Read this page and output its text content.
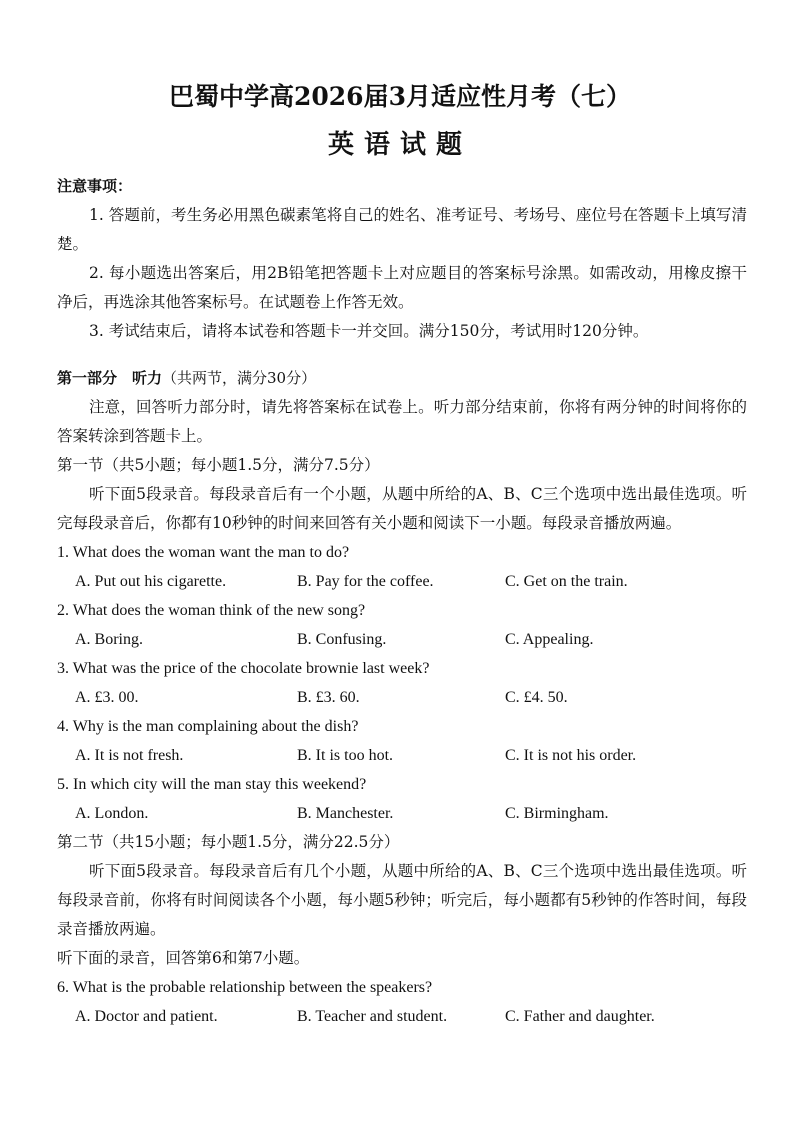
巴蜀中学高2026届3月适应性月考（七）
英语试题
注意事项：
1. 答题前，考生务必用黑色碳素笔将自己的姓名、准考证号、考场号、座位号在答题卡上填写清楚。
2. 每小题选出答案后，用2B铅笔把答题卡上对应题目的答案标号涂黑。如需改动，用橡皮擦干净后，再选涂其他答案标号。在试题卷上作答无效。
3. 考试结束后，请将本试卷和答题卡一并交回。满分150分，考试用时120分钟。
第一部分　听力（共两节，满分30分）
注意，回答听力部分时，请先将答案标在试卷上。听力部分结束前，你将有两分钟的时间将你的答案转涂到答题卡上。
第一节（共5小题；每小题1.5分，满分7.5分）
听下面5段录音。每段录音后有一个小题，从题中所给的A、B、C三个选项中选出最佳选项。听完每段录音后，你都有10秒钟的时间来回答有关小题和阅读下一小题。每段录音播放两遍。
1. What does the woman want the man to do?
A. Put out his cigarette.	B. Pay for the coffee.	C. Get on the train.
2. What does the woman think of the new song?
A. Boring.	B. Confusing.	C. Appealing.
3. What was the price of the chocolate brownie last week?
A. £3. 00.	B. £3. 60.	C. £4. 50.
4. Why is the man complaining about the dish?
A. It is not fresh.	B. It is too hot.	C. It is not his order.
5. In which city will the man stay this weekend?
A. London.	B. Manchester.	C. Birmingham.
第二节（共15小题；每小题1.5分，满分22.5分）
听下面5段录音。每段录音后有几个小题，从题中所给的A、B、C三个选项中选出最佳选项。听每段录音前，你将有时间阅读各个小题，每小题5秒钟；听完后，每小题都有5秒钟的作答时间，每段录音播放两遍。
听下面的录音，回答第6和第7小题。
6. What is the probable relationship between the speakers?
A. Doctor and patient.	B. Teacher and student.	C. Father and daughter.
